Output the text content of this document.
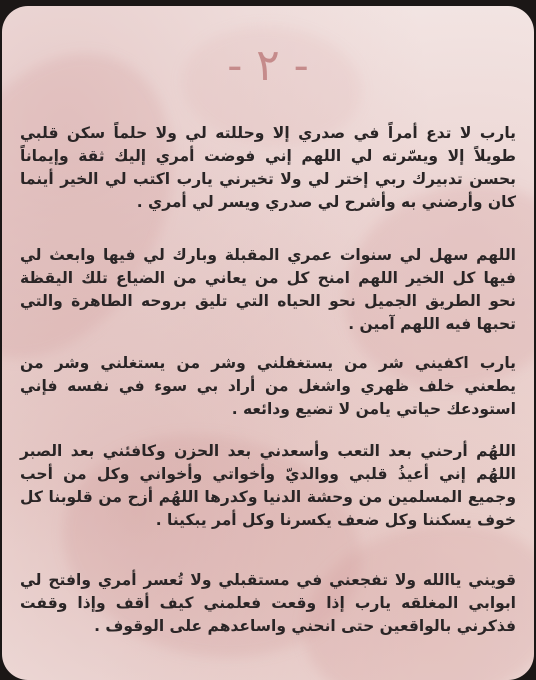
- ٢ -

يارب لا تدع أمراً في صدري إلا وحللته لي ولا حلماً سكن قلبي طويلاً إلا ويسّرته لي اللهم إني فوضت أمري إليك ثقة وإيماناً بحسن تدبيرك ربي إختر لي ولا تخيرني يارب اكتب لي الخير أينما كان وأرضني به وأشرح لي صدري ويسر لي أمري .

اللهم سهل لي سنوات عمري المقبلة وبارك لي فيها وابعث لي فيها كل الخير اللهم امنح كل من يعاني من الضياع تلك اليقظة نحو الطريق الجميل نحو الحياه التي تليق بروحه الطاهرة والتي تحبها فيه اللهم آمين .

يارب اكفيني شر من يستغفلني وشر من يستغلني وشر من يطعني خلف ظهري واشغل من أراد بي سوء في نفسه فإني استودعك حياتي يامن لا تضيع ودائعه .

اللهُم أرحني بعد التعب وأسعدني بعد الحزن وكافئني بعد الصبر اللهُم إني أعيذُ قلبي ووالديّ وأخواتي وأخواني وكل من أحب وجميع المسلمين من وحشة الدنيا وكدرها اللهُم أزح من قلوبنا كل خوف يسكننا وكل ضعف يكسرنا وكل أمر يبكينا .

قويني ياالله ولا تفجعني في مستقبلي ولا تُعسر أمري وافتح لي ابوابي المغلقه يارب إذا وقعت فعلمني كيف أقف وإذا وقفت فذكرني بالواقعين حتى انحني واساعدهم على الوقوف .
